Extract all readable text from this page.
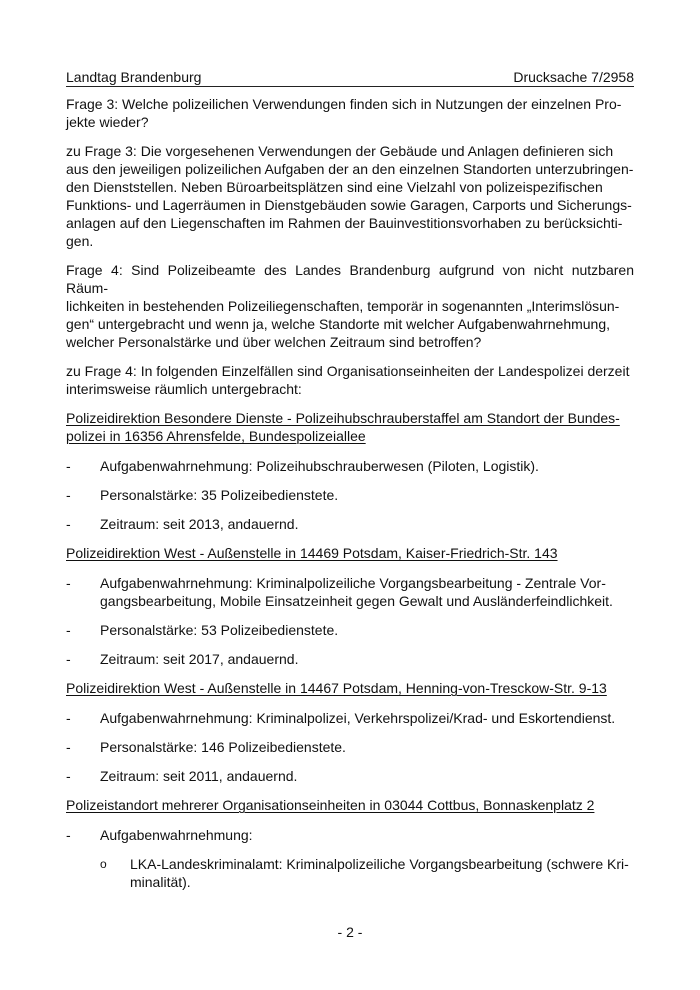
Landtag Brandenburg	Drucksache 7/2958

Frage 3: Welche polizeilichen Verwendungen finden sich in Nutzungen der einzelnen Pro-
jekte wieder?

zu Frage 3: Die vorgesehenen Verwendungen der Gebäude und Anlagen definieren sich
aus den jeweiligen polizeilichen Aufgaben der an den einzelnen Standorten unterzubringen-
den Dienststellen. Neben Büroarbeitsplätzen sind eine Vielzahl von polizeispezifischen
Funktions- und Lagerräumen in Dienstgebäuden sowie Garagen, Carports und Sicherungs-
anlagen auf den Liegenschaften im Rahmen der Bauinvestitionsvorhaben zu berücksichti-
gen.

Frage 4: Sind Polizeibeamte des Landes Brandenburg aufgrund von nicht nutzbaren Räum-
lichkeiten in bestehenden Polizeiliegenschaften, temporär in sogenannten „Interimslösun-
gen“ untergebracht und wenn ja, welche Standorte mit welcher Aufgabenwahrnehmung,
welcher Personalstärke und über welchen Zeitraum sind betroffen?

zu Frage 4: In folgenden Einzelfällen sind Organisationseinheiten der Landespolizei derzeit
interimsweise räumlich untergebracht:

Polizeidirektion Besondere Dienste - Polizeihubschrauberstaffel am Standort der Bundes-
polizei in 16356 Ahrensfelde, Bundespolizeiallee

-	Aufgabenwahrnehmung: Polizeihubschrauberwesen (Piloten, Logistik).
-	Personalstärke: 35 Polizeibedienstete.
-	Zeitraum: seit 2013, andauernd.

Polizeidirektion West - Außenstelle in 14469 Potsdam, Kaiser-Friedrich-Str. 143

-	Aufgabenwahrnehmung: Kriminalpolizeiliche Vorgangsbearbeitung - Zentrale Vor-
gangsbearbeitung, Mobile Einsatzeinheit gegen Gewalt und Ausländerfeindlichkeit.
-	Personalstärke: 53 Polizeibedienstete.
-	Zeitraum: seit 2017, andauernd.

Polizeidirektion West - Außenstelle in 14467 Potsdam, Henning-von-Tresckow-Str. 9-13

-	Aufgabenwahrnehmung: Kriminalpolizei, Verkehrspolizei/Krad- und Eskortendienst.
-	Personalstärke: 146 Polizeibedienstete.
-	Zeitraum: seit 2011, andauernd.

Polizeistandort mehrerer Organisationseinheiten in 03044 Cottbus, Bonnaskenplatz 2

-	Aufgabenwahrnehmung:
o	LKA-Landeskriminalamt: Kriminalpolizeiliche Vorgangsbearbeitung (schwere Kri-
minalität).
- 2 -
